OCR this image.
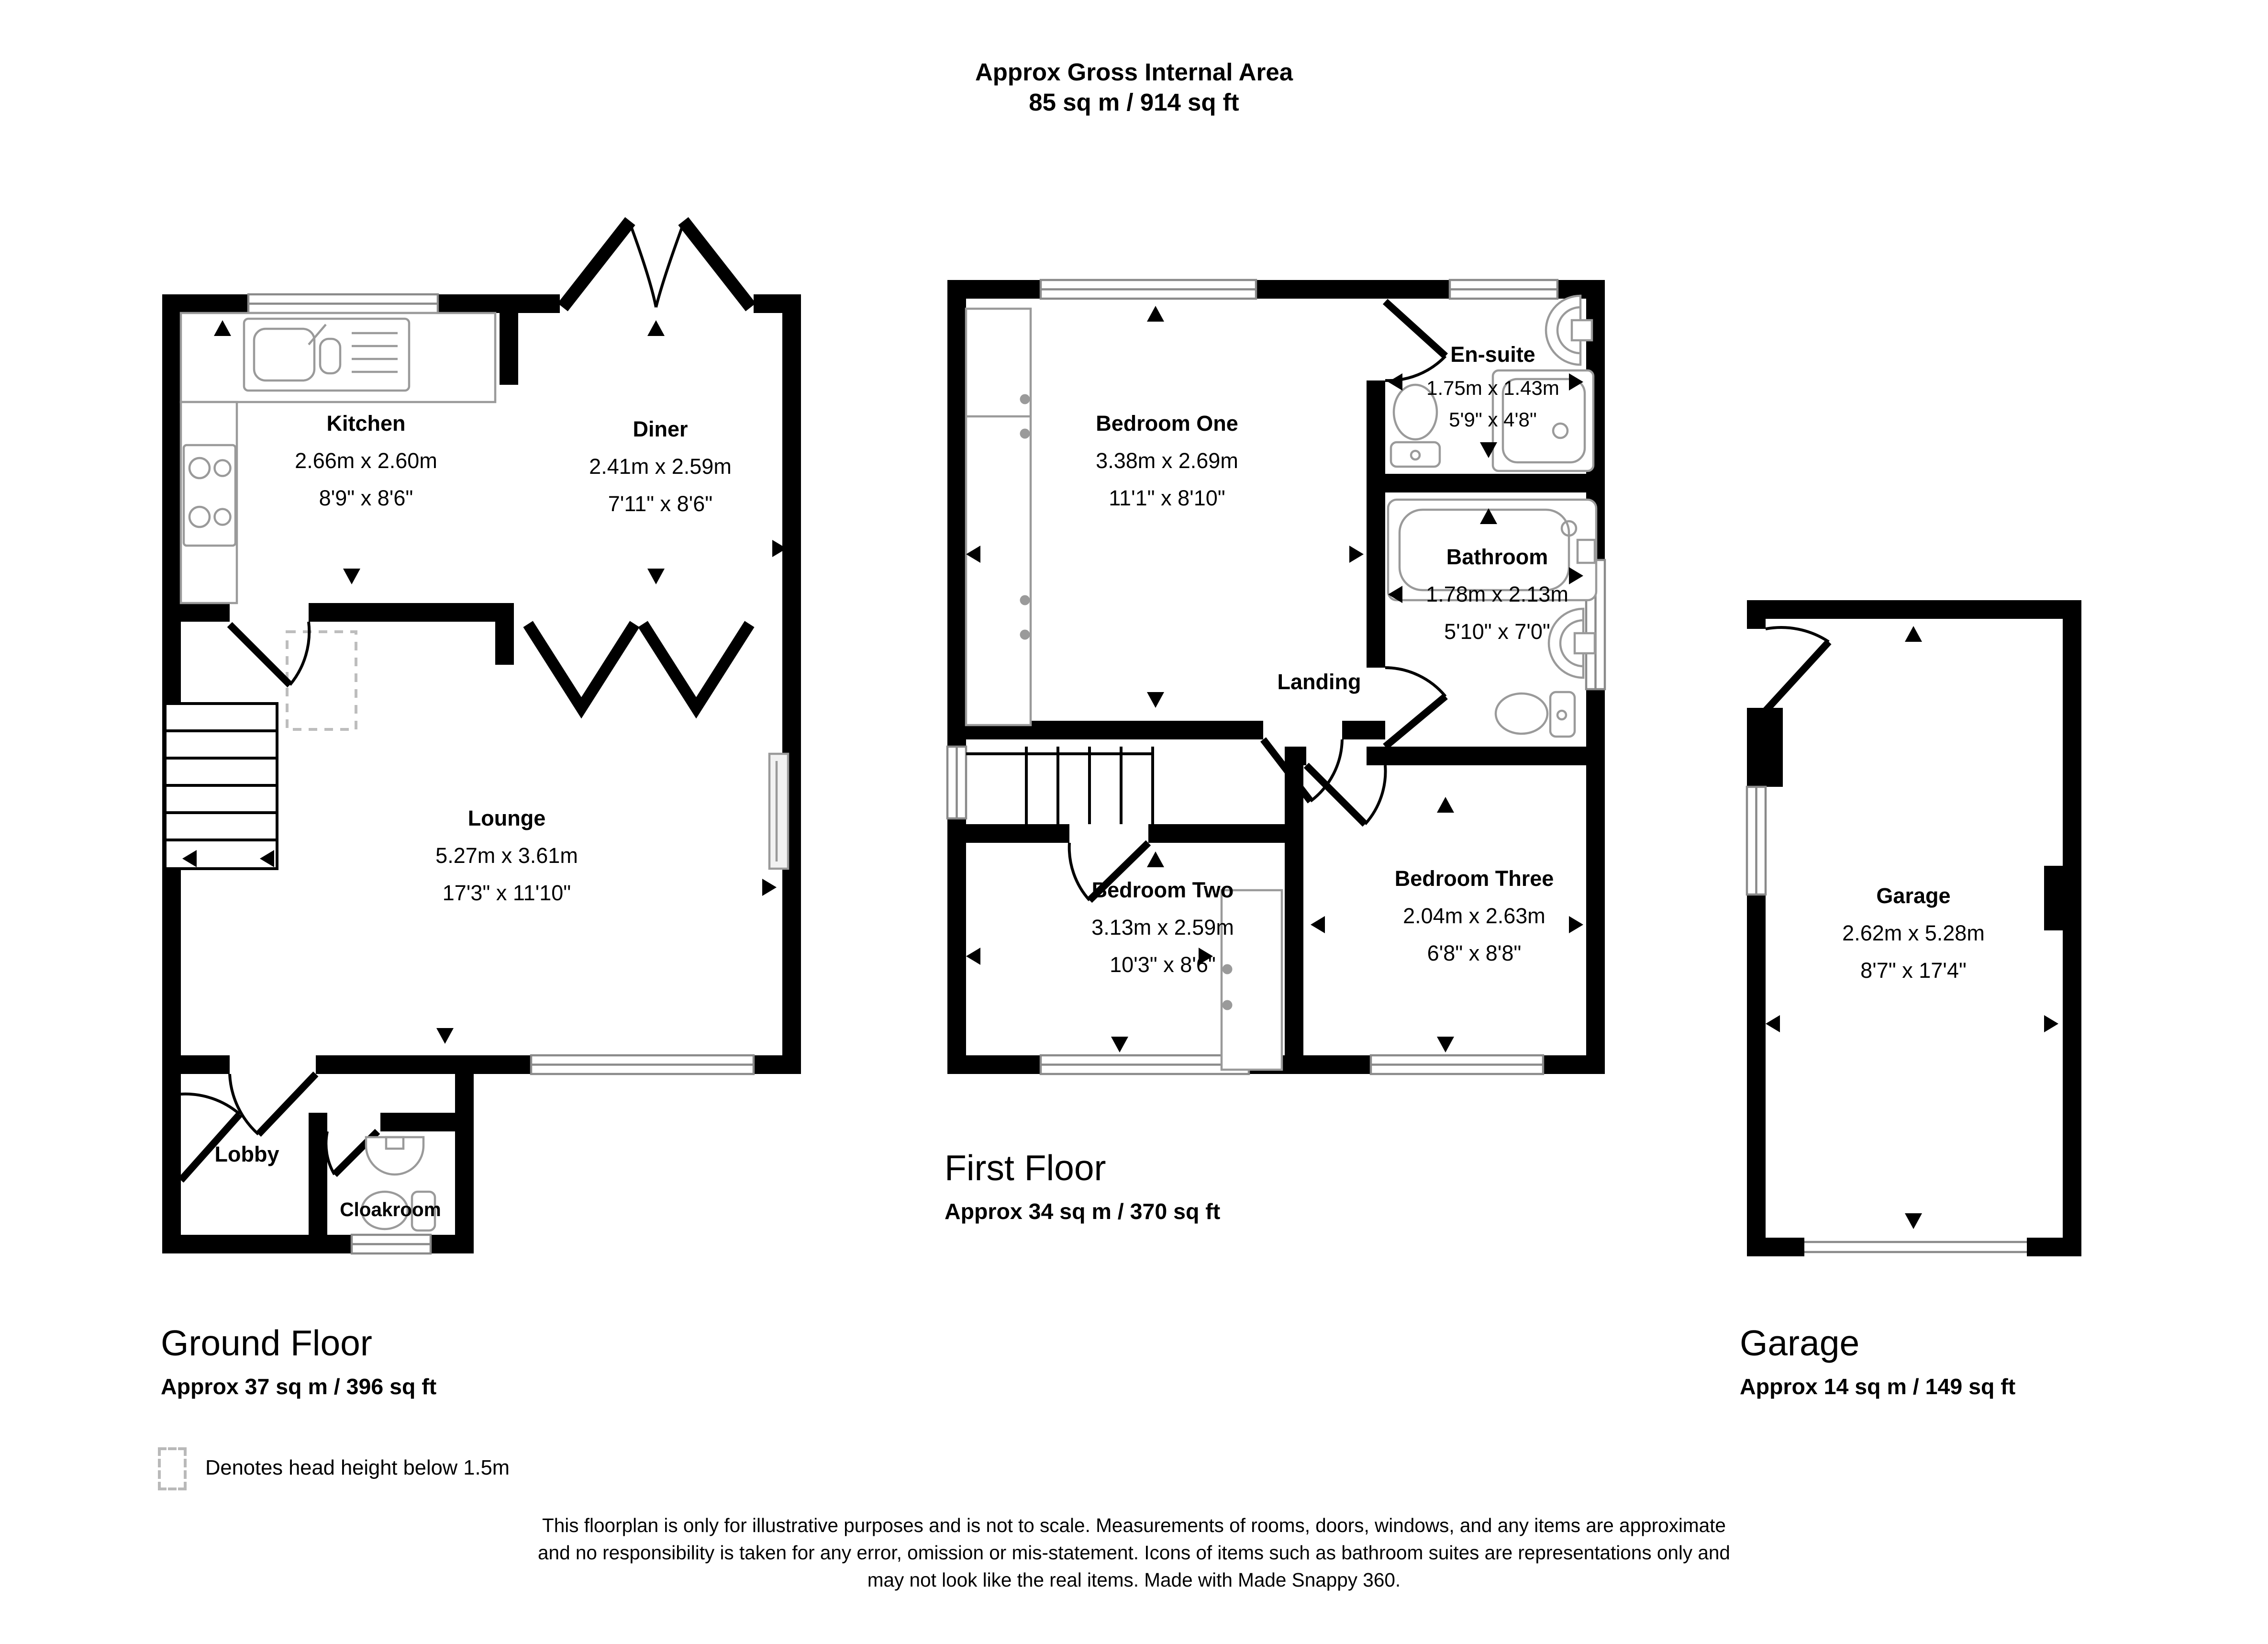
Approx Gross Internal Area
85 sq m / 914 sq ft
Kitchen
2.66m x 2.60m
8'9" x 8'6"
Diner
2.41m x 2.59m
7'11" x 8'6"
Lounge
5.27m x 3.61m
17'3" x 11'10"
Lobby
Cloakroom
Bedroom One
3.38m x 2.69m
11'1" x 8'10"
En-suite
1.75m x 1.43m
5'9" x 4'8"
Bathroom
1.78m x 2.13m
5'10" x 7'0"
Landing
Bedroom Two
3.13m x 2.59m
10'3" x 8'6"
Bedroom Three
2.04m x 2.63m
6'8" x 8'8"
Garage
2.62m x 5.28m
8'7" x 17'4"
First Floor
Approx 34 sq m / 370 sq ft
Ground Floor
Approx 37 sq m / 396 sq ft
Garage
Approx 14 sq m / 149 sq ft
Denotes head height below 1.5m
This floorplan is only for illustrative purposes and is not to scale. Measurements of rooms, doors, windows, and any items are approximate
and no responsibility is taken for any error, omission or mis-statement. Icons of items such as bathroom suites are representations only and
may not look like the real items. Made with Made Snappy 360.
